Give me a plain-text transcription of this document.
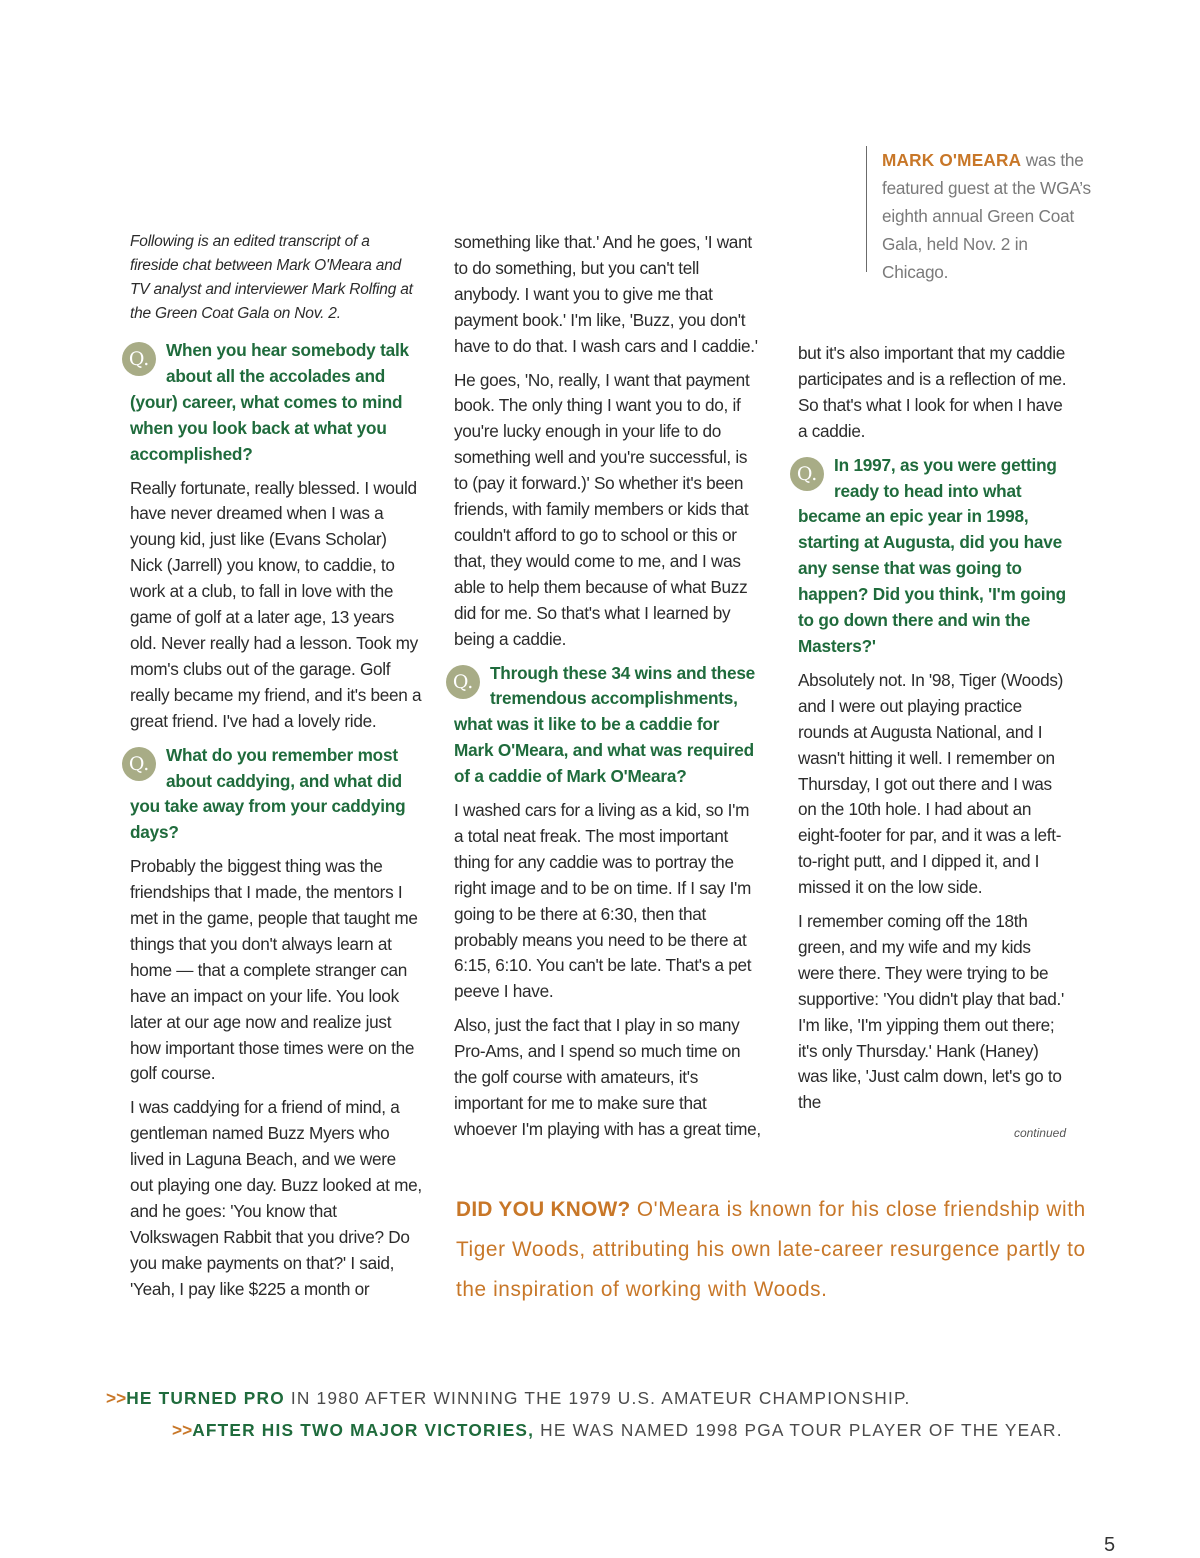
MARK O'MEARA was the featured guest at the WGA’s eighth annual Green Coat Gala, held Nov. 2 in Chicago.

Following is an edited transcript of a fireside chat between Mark O'Meara and TV analyst and interviewer Mark Rolfing at the Green Coat Gala on Nov. 2.

Q. When you hear somebody talk about all the accolades and (your) career, what comes to mind when you look back at what you accomplished?

Really fortunate, really blessed. I would have never dreamed when I was a young kid, just like (Evans Scholar) Nick (Jarrell) you know, to caddie, to work at a club, to fall in love with the game of golf at a later age, 13 years old. Never really had a lesson. Took my mom's clubs out of the garage. Golf really became my friend, and it's been a great friend. I've had a lovely ride.

Q. What do you remember most about caddying, and what did you take away from your caddying days?

Probably the biggest thing was the friendships that I made, the mentors I met in the game, people that taught me things that you don't always learn at home — that a complete stranger can have an impact on your life. You look later at our age now and realize just how important those times were on the golf course.

I was caddying for a friend of mind, a gentleman named Buzz Myers who lived in Laguna Beach, and we were out playing one day. Buzz looked at me, and he goes: 'You know that Volkswagen Rabbit that you drive? Do you make payments on that?' I said, 'Yeah, I pay like $225 a month or

something like that.' And he goes, 'I want to do something, but you can't tell anybody. I want you to give me that payment book.' I'm like, 'Buzz, you don't have to do that. I wash cars and I caddie.'

He goes, 'No, really, I want that payment book. The only thing I want you to do, if you're lucky enough in your life to do something well and you're successful, is to (pay it forward.)' So whether it's been friends, with family members or kids that couldn't afford to go to school or this or that, they would come to me, and I was able to help them because of what Buzz did for me. So that's what I learned by being a caddie.

Q. Through these 34 wins and these tremendous accomplishments, what was it like to be a caddie for Mark O'Meara, and what was required of a caddie of Mark O'Meara?

I washed cars for a living as a kid, so I'm a total neat freak. The most important thing for any caddie was to portray the right image and to be on time. If I say I'm going to be there at 6:30, then that probably means you need to be there at 6:15, 6:10. You can't be late. That's a pet peeve I have.

Also, just the fact that I play in so many Pro-Ams, and I spend so much time on the golf course with amateurs, it's important for me to make sure that whoever I'm playing with has a great time,

but it's also important that my caddie participates and is a reflection of me. So that's what I look for when I have a caddie.

Q. In 1997, as you were getting ready to head into what became an epic year in 1998, starting at Augusta, did you have any sense that was going to happen? Did you think, 'I'm going to go down there and win the Masters?'

Absolutely not. In '98, Tiger (Woods) and I were out playing practice rounds at Augusta National, and I wasn't hitting it well. I remember on Thursday, I got out there and I was on the 10th hole. I had about an eight-footer for par, and it was a left-to-right putt, and I dipped it, and I missed it on the low side.

I remember coming off the 18th green, and my wife and my kids were there. They were trying to be supportive: 'You didn't play that bad.' I'm like, 'I'm yipping them out there; it's only Thursday.' Hank (Haney) was like, 'Just calm down, let's go to the

continued
DID YOU KNOW? O'Meara is known for his close friendship with Tiger Woods, attributing his own late-career resurgence partly to the inspiration of working with Woods.
>>HE TURNED PRO IN 1980 AFTER WINNING THE 1979 U.S. AMATEUR CHAMPIONSHIP.
>>AFTER HIS TWO MAJOR VICTORIES, HE WAS NAMED 1998 PGA TOUR PLAYER OF THE YEAR.
5
